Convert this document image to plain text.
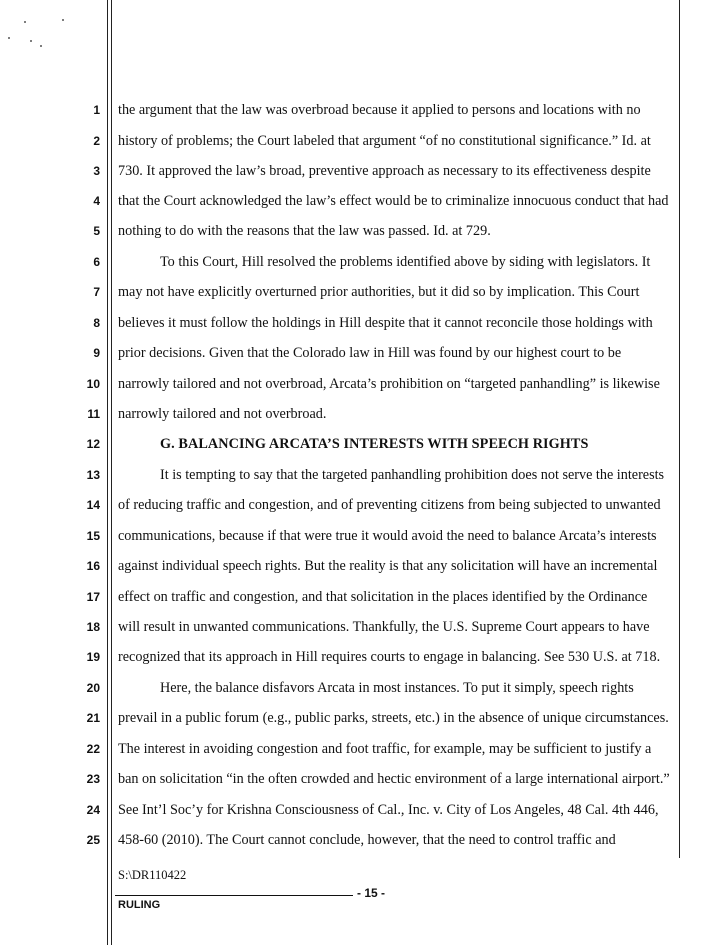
1
2
3
4
5
6
7
8
9
10
11
12
13
14
15
16
17
18
19
20
21
22
23
24
25
the argument that the law was overbroad because it applied to persons and locations with no
history of problems; the Court labeled that argument “of no constitutional significance.” Id. at
730. It approved the law’s broad, preventive approach as necessary to its effectiveness despite
that the Court acknowledged the law’s effect would be to criminalize innocuous conduct that had
nothing to do with the reasons that the law was passed. Id. at 729.
To this Court, Hill resolved the problems identified above by siding with legislators. It
may not have explicitly overturned prior authorities, but it did so by implication. This Court
believes it must follow the holdings in Hill despite that it cannot reconcile those holdings with
prior decisions. Given that the Colorado law in Hill was found by our highest court to be
narrowly tailored and not overbroad, Arcata’s prohibition on “targeted panhandling” is likewise
narrowly tailored and not overbroad.
G. BALANCING ARCATA’S INTERESTS WITH SPEECH RIGHTS
It is tempting to say that the targeted panhandling prohibition does not serve the interests
of reducing traffic and congestion, and of preventing citizens from being subjected to unwanted
communications, because if that were true it would avoid the need to balance Arcata’s interests
against individual speech rights. But the reality is that any solicitation will have an incremental
effect on traffic and congestion, and that solicitation in the places identified by the Ordinance
will result in unwanted communications. Thankfully, the U.S. Supreme Court appears to have
recognized that its approach in Hill requires courts to engage in balancing. See 530 U.S. at 718.
Here, the balance disfavors Arcata in most instances. To put it simply, speech rights
prevail in a public forum (e.g., public parks, streets, etc.) in the absence of unique circumstances.
The interest in avoiding congestion and foot traffic, for example, may be sufficient to justify a
ban on solicitation “in the often crowded and hectic environment of a large international airport.”
See Int’l Soc’y for Krishna Consciousness of Cal., Inc. v. City of Los Angeles, 48 Cal. 4th 446,
458-60 (2010). The Court cannot conclude, however, that the need to control traffic and
S:\DR110422
- 15 -
RULING
